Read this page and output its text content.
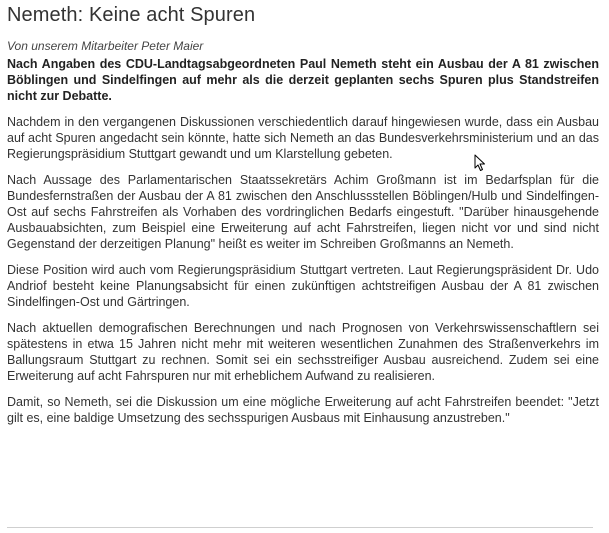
Nemeth: Keine acht Spuren
Von unserem Mitarbeiter Peter Maier

Nach Angaben des CDU-Landtagsabgeordneten Paul Nemeth steht ein Ausbau der A 81 zwischen Böblingen und Sindelfingen auf mehr als die derzeit geplanten sechs Spuren plus Standstreifen nicht zur Debatte.

Nachdem in den vergangenen Diskussionen verschiedentlich darauf hingewiesen wurde, dass ein Ausbau auf acht Spuren angedacht sein könnte, hatte sich Nemeth an das Bundesverkehrsministerium und an das Regierungspräsidium Stuttgart gewandt und um Klarstellung gebeten.

Nach Aussage des Parlamentarischen Staatssekretärs Achim Großmann ist im Bedarfsplan für die Bundesfernstraßen der Ausbau der A 81 zwischen den Anschlussstellen Böblingen/Hulb und Sindelfingen-Ost auf sechs Fahrstreifen als Vorhaben des vordringlichen Bedarfs eingestuft. "Darüber hinausgehende Ausbauabsichten, zum Beispiel eine Erweiterung auf acht Fahrstreifen, liegen nicht vor und sind nicht Gegenstand der derzeitigen Planung" heißt es weiter im Schreiben Großmanns an Nemeth.

Diese Position wird auch vom Regierungspräsidium Stuttgart vertreten. Laut Regierungspräsident Dr. Udo Andriof besteht keine Planungsabsicht für einen zukünftigen achtstreifigen Ausbau der A 81 zwischen Sindelfingen-Ost und Gärtringen.

Nach aktuellen demografischen Berechnungen und nach Prognosen von Verkehrswissenschaftlern sei spätestens in etwa 15 Jahren nicht mehr mit weiteren wesentlichen Zunahmen des Straßenverkehrs im Ballungsraum Stuttgart zu rechnen. Somit sei ein sechsstreifiger Ausbau ausreichend. Zudem sei eine Erweiterung auf acht Fahrspuren nur mit erheblichem Aufwand zu realisieren.

Damit, so Nemeth, sei die Diskussion um eine mögliche Erweiterung auf acht Fahrstreifen beendet: "Jetzt gilt es, eine baldige Umsetzung des sechsspurigen Ausbaus mit Einhausung anzustreben."
